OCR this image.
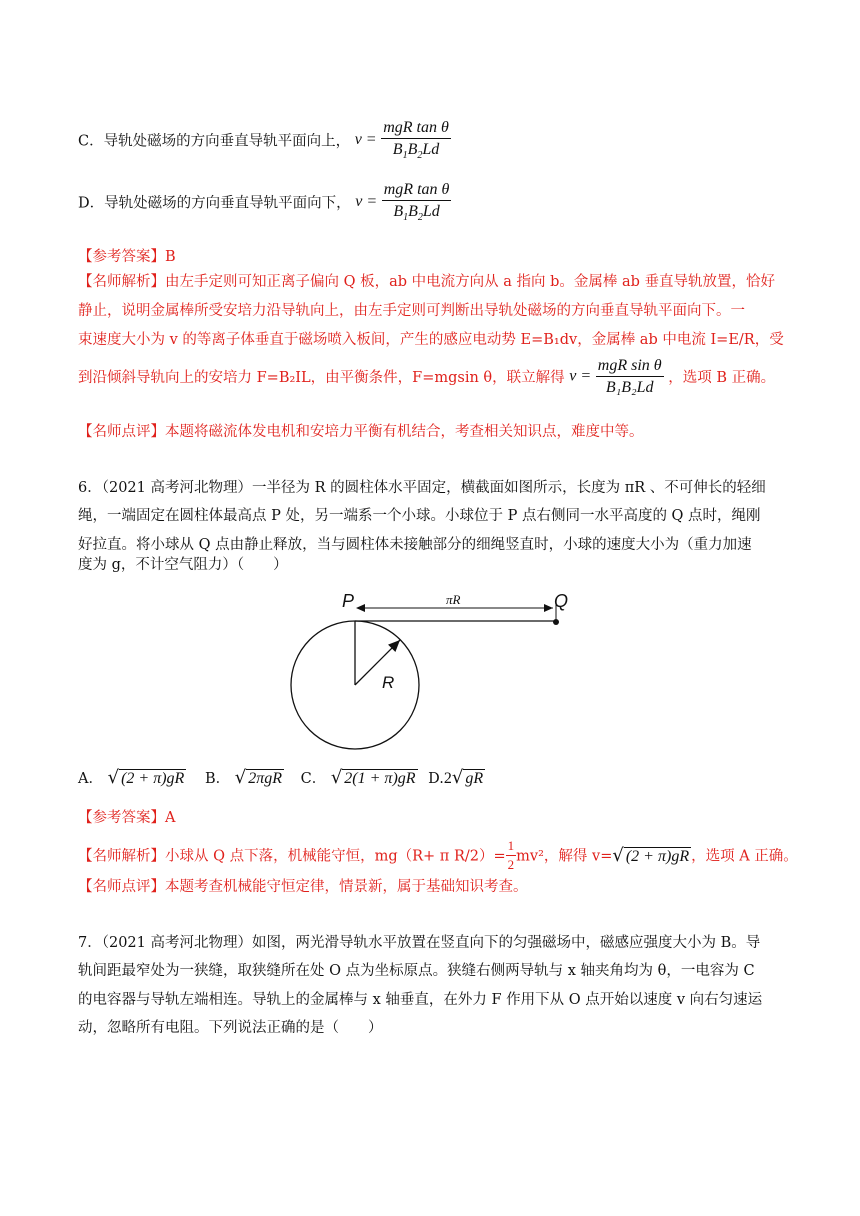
C．导轨处磁场的方向垂直导轨平面向上， $v = \frac{\text{mgR tan θ}}{B_1B_2Ld}$
D．导轨处磁场的方向垂直导轨平面向下， $v = \frac{\text{mgR tan θ}}{B_1B_2Ld}$
【参考答案】B
【名师解析】由左手定则可知正离子偏向 Q 板，ab 中电流方向从 a 指向 b。金属棒 ab 垂直导轨放置，恰好
静止，说明金属棒所受安培力沿导轨向上，由左手定则可判断出导轨处磁场的方向垂直导轨平面向下。一
束速度大小为 v 的等离子体垂直于磁场喷入板间，产生的感应电动势 E=B₁dv，金属棒 ab 中电流 I=E/R，受
到沿倾斜导轨向上的安培力 F=B₂IL，由平衡条件，F=mgsin θ，联立解得 $v = \frac{\text{mgR sin θ}}{\text{B₁B₂Ld}}$ ，选项 B 正确。
【名师点评】本题将磁流体发电机和安培力平衡有机结合，考查相关知识点，难度中等。
6．（2021 高考河北物理）一半径为 R 的圆柱体水平固定，横截面如图所示，长度为 πR 、不可伸长的轻细
绳，一端固定在圆柱体最高点 P 处，另一端系一个小球。小球位于 P 点右侧同一水平高度的 Q 点时，绳刚
好拉直。将小球从 Q 点由静止释放，当与圆柱体未接触部分的细绳竖直时，小球的速度大小为（重力加速
度为 g，不计空气阻力）（　　）
P	Q
πR
R
A． √ (2 + π)gR B． √ 2πgR C． √ 2(1 + π)gR D.2√ gR
【参考答案】A
【名师解析】小球从 Q 点下落，机械能守恒，mg（R+ π $R/2)= \frac{1}{2} mv^2$，解得 v=√ (2 + π)gR ，选项 A 正确。
【名师点评】本题考查机械能守恒定律，情景新，属于基础知识考查。
7．（2021 高考河北物理）如图，两光滑导轨水平放置在竖直向下的匀强磁场中，磁感应强度大小为 B。导
轨间距最窄处为一狭缝，取狭缝所在处 O 点为坐标原点。狭缝右侧两导轨与 x 轴夹角均为 θ，一电容为 C
的电容器与导轨左端相连。导轨上的金属棒与 x 轴垂直，在外力 F 作用下从 O 点开始以速度 v 向右匀速运
动，忽略所有电阻。下列说法正确的是（　　）
